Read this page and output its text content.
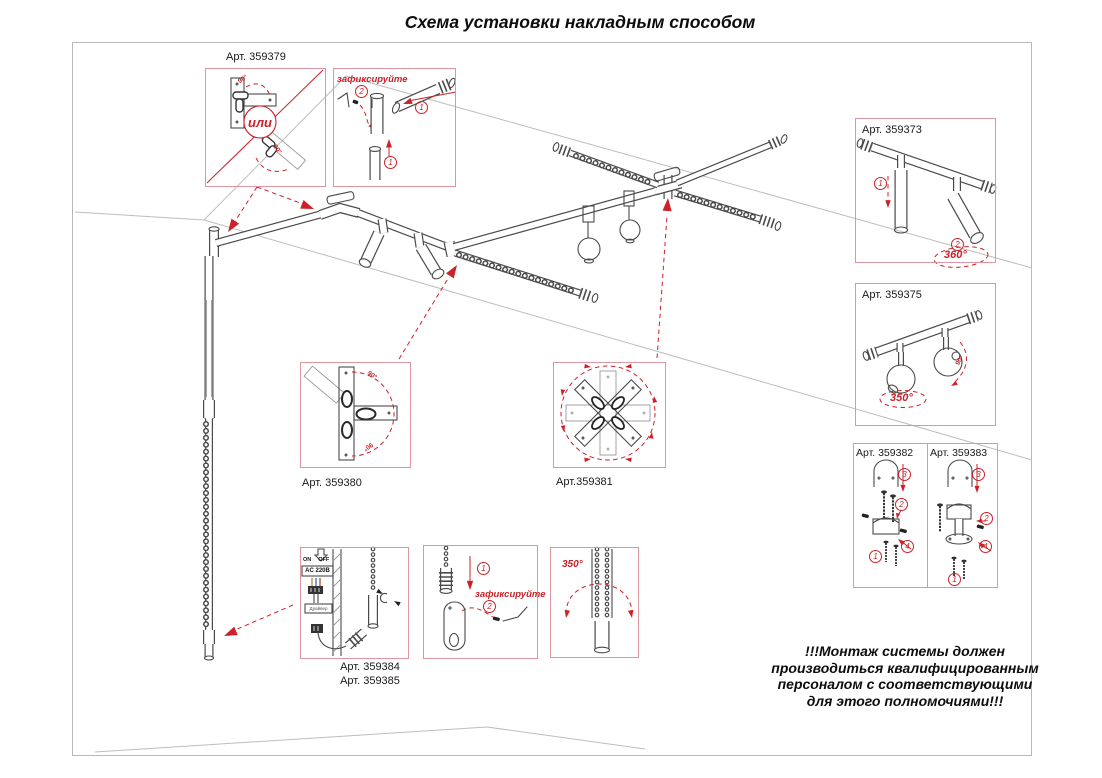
Схема установки накладным способом
Арт. 359379
Арт. 359373
Арт. 359375
Арт. 359382 Арт. 359383
Арт. 359380	Арт.359381
Арт. 359384
Арт. 359385
или
90°
90°
зафиксируйте
2
1
1
1
2
360°
350°
90°
3
2
4
1
3
2
4
1
90°
90°
1
зафиксируйте
2
350°
ON OFF
AC 220В
Драйвер
!!!Монтаж системы должен
производиться квалифицированным
персоналом с соответствующими
для этого полномочиями!!!
